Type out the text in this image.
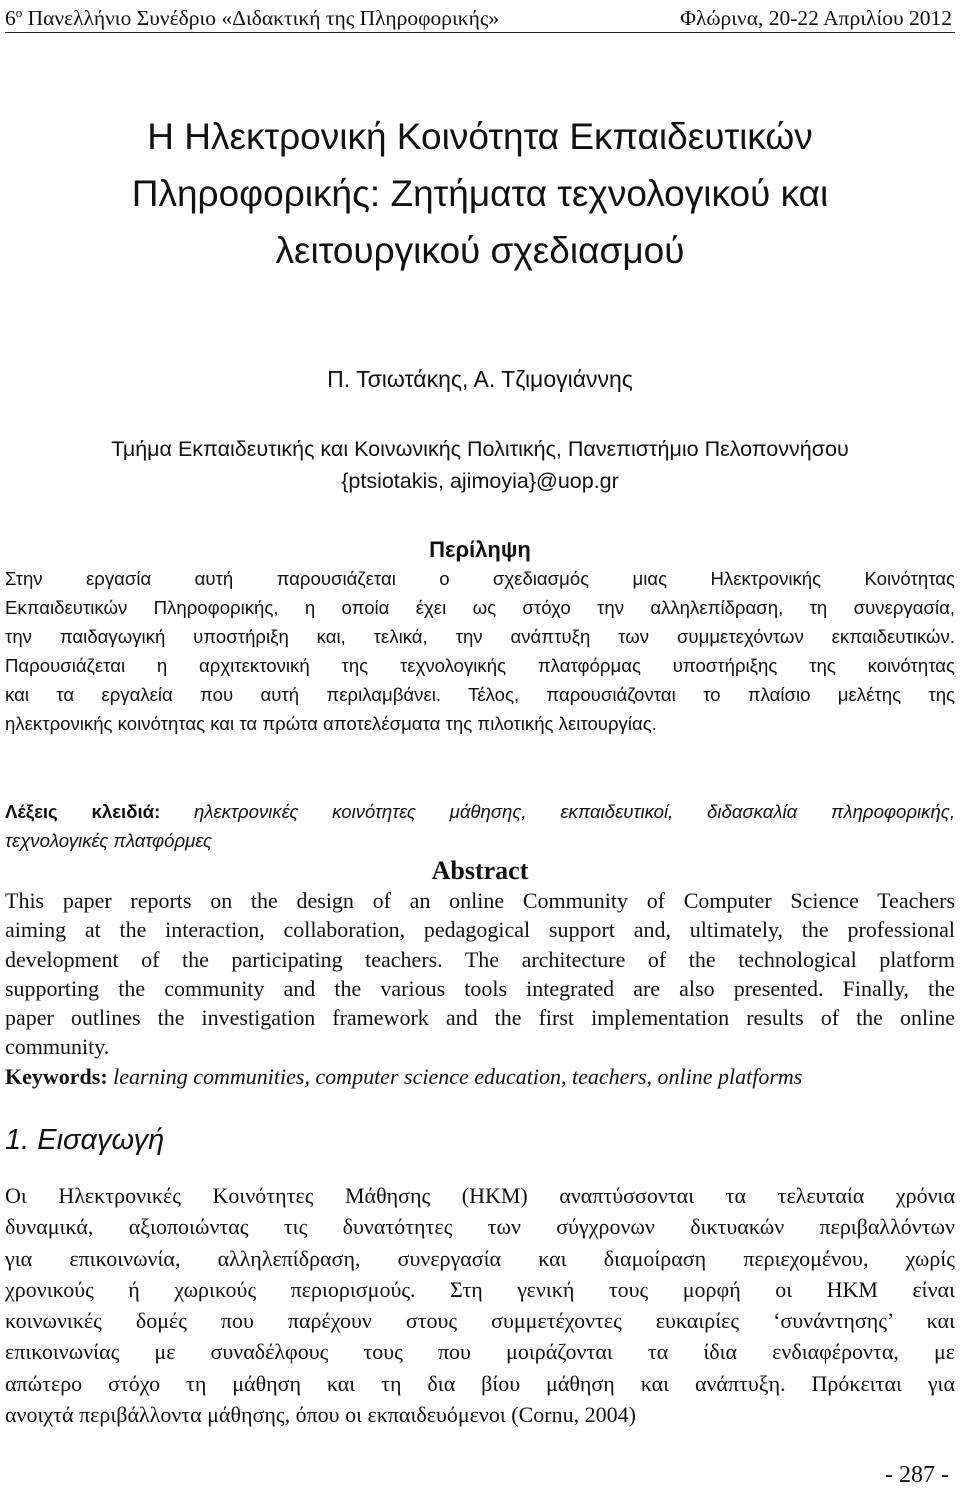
$6^o$ Πανελλήνιο Συνέδριο «Διδακτική της Πληροφορικής»	Φλώρινα, 20-22 Απριλίου 2012
Η Ηλεκτρονική Κοινότητα Εκπαιδευτικών
Πληροφορικής: Ζητήματα τεχνολογικού και
λειτουργικού σχεδιασμού
Π. Τσιωτάκης, Α. Τζιμογιάννης
Τμήμα Εκπαιδευτικής και Κοινωνικής Πολιτικής, Πανεπιστήμιο Πελοποννήσου
{ptsiotakis, ajimoyia}@uop.gr
Περίληψη
Στην εργασία αυτή παρουσιάζεται ο σχεδιασμός μιας Ηλεκτρονικής Κοινότητας
Εκπαιδευτικών Πληροφορικής, η οποία έχει ως στόχο την αλληλεπίδραση, τη συνεργασία,
την παιδαγωγική υποστήριξη και, τελικά, την ανάπτυξη των συμμετεχόντων εκπαιδευτικών.
Παρουσιάζεται η αρχιτεκτονική της τεχνολογικής πλατφόρμας υποστήριξης της κοινότητας
και τα εργαλεία που αυτή περιλαμβάνει. Τέλος, παρουσιάζονται το πλαίσιο μελέτης της
ηλεκτρονικής κοινότητας και τα πρώτα αποτελέσματα της πιλοτικής λειτουργίας.
Λέξεις κλειδιά: ηλεκτρονικές κοινότητες μάθησης, εκπαιδευτικοί, διδασκαλία πληροφορικής,
τεχνολογικές πλατφόρμες
Abstract
This paper reports on the design of an online Community of Computer Science Teachers
aiming at the interaction, collaboration, pedagogical support and, ultimately, the professional
development of the participating teachers. The architecture of the technological platform
supporting the community and the various tools integrated are also presented. Finally, the
paper outlines the investigation framework and the first implementation results of the online
community.
Keywords: learning communities, computer science education, teachers, online platforms
1. Εισαγωγή
Οι Ηλεκτρονικές Κοινότητες Μάθησης (ΗΚΜ) αναπτύσσονται τα τελευταία χρόνια
δυναμικά, αξιοποιώντας τις δυνατότητες των σύγχρονων δικτυακών περιβαλλόντων
για επικοινωνία, αλληλεπίδραση, συνεργασία και διαμοίραση περιεχομένου, χωρίς
χρονικούς ή χωρικούς περιορισμούς. Στη γενική τους μορφή οι ΗΚΜ είναι
κοινωνικές δομές που παρέχουν στους συμμετέχοντες ευκαιρίες ‘συνάντησης’ και
επικοινωνίας με συναδέλφους τους που μοιράζονται τα ίδια ενδιαφέροντα, με
απώτερο στόχο τη μάθηση και τη δια βίου μάθηση και ανάπτυξη. Πρόκειται για
ανοιχτά περιβάλλοντα μάθησης, όπου οι εκπαιδευόμενοι (Cornu, 2004)
- 287 -
